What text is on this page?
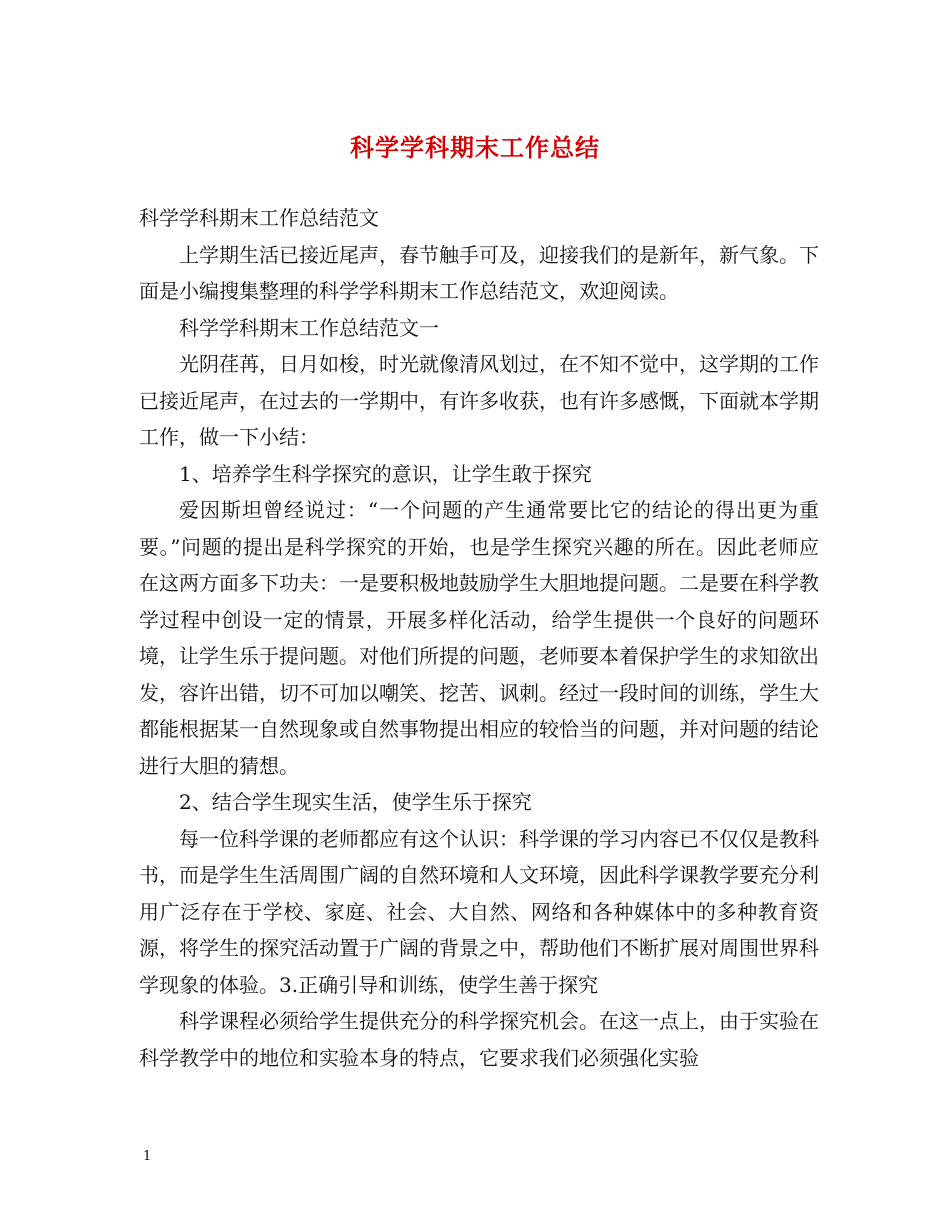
科学学科期末工作总结

科学学科期末工作总结范文

上学期生活已接近尾声，春节触手可及，迎接我们的是新年，新气象。下面是小编搜集整理的科学学科期末工作总结范文，欢迎阅读。

科学学科期末工作总结范文一

光阴荏苒，日月如梭，时光就像清风划过，在不知不觉中，这学期的工作已接近尾声，在过去的一学期中，有许多收获，也有许多感慨，下面就本学期工作，做一下小结：

1、培养学生科学探究的意识，让学生敢于探究

爱因斯坦曾经说过：“一个问题的产生通常要比它的结论的得出更为重要。”问题的提出是科学探究的开始，也是学生探究兴趣的所在。因此老师应在这两方面多下功夫：一是要积极地鼓励学生大胆地提问题。二是要在科学教学过程中创设一定的情景，开展多样化活动，给学生提供一个良好的问题环境，让学生乐于提问题。对他们所提的问题，老师要本着保护学生的求知欲出发，容许出错，切不可加以嘲笑、挖苦、讽刺。经过一段时间的训练，学生大都能根据某一自然现象或自然事物提出相应的较恰当的问题，并对问题的结论进行大胆的猜想。

2、结合学生现实生活，使学生乐于探究

每一位科学课的老师都应有这个认识：科学课的学习内容已不仅仅是教科书，而是学生生活周围广阔的自然环境和人文环境，因此科学课教学要充分利用广泛存在于学校、家庭、社会、大自然、网络和各种媒体中的多种教育资源，将学生的探究活动置于广阔的背景之中，帮助他们不断扩展对周围世界科学现象的体验。3.正确引导和训练，使学生善于探究

科学课程必须给学生提供充分的科学探究机会。在这一点上，由于实验在科学教学中的地位和实验本身的特点，它要求我们必须强化实验

1
